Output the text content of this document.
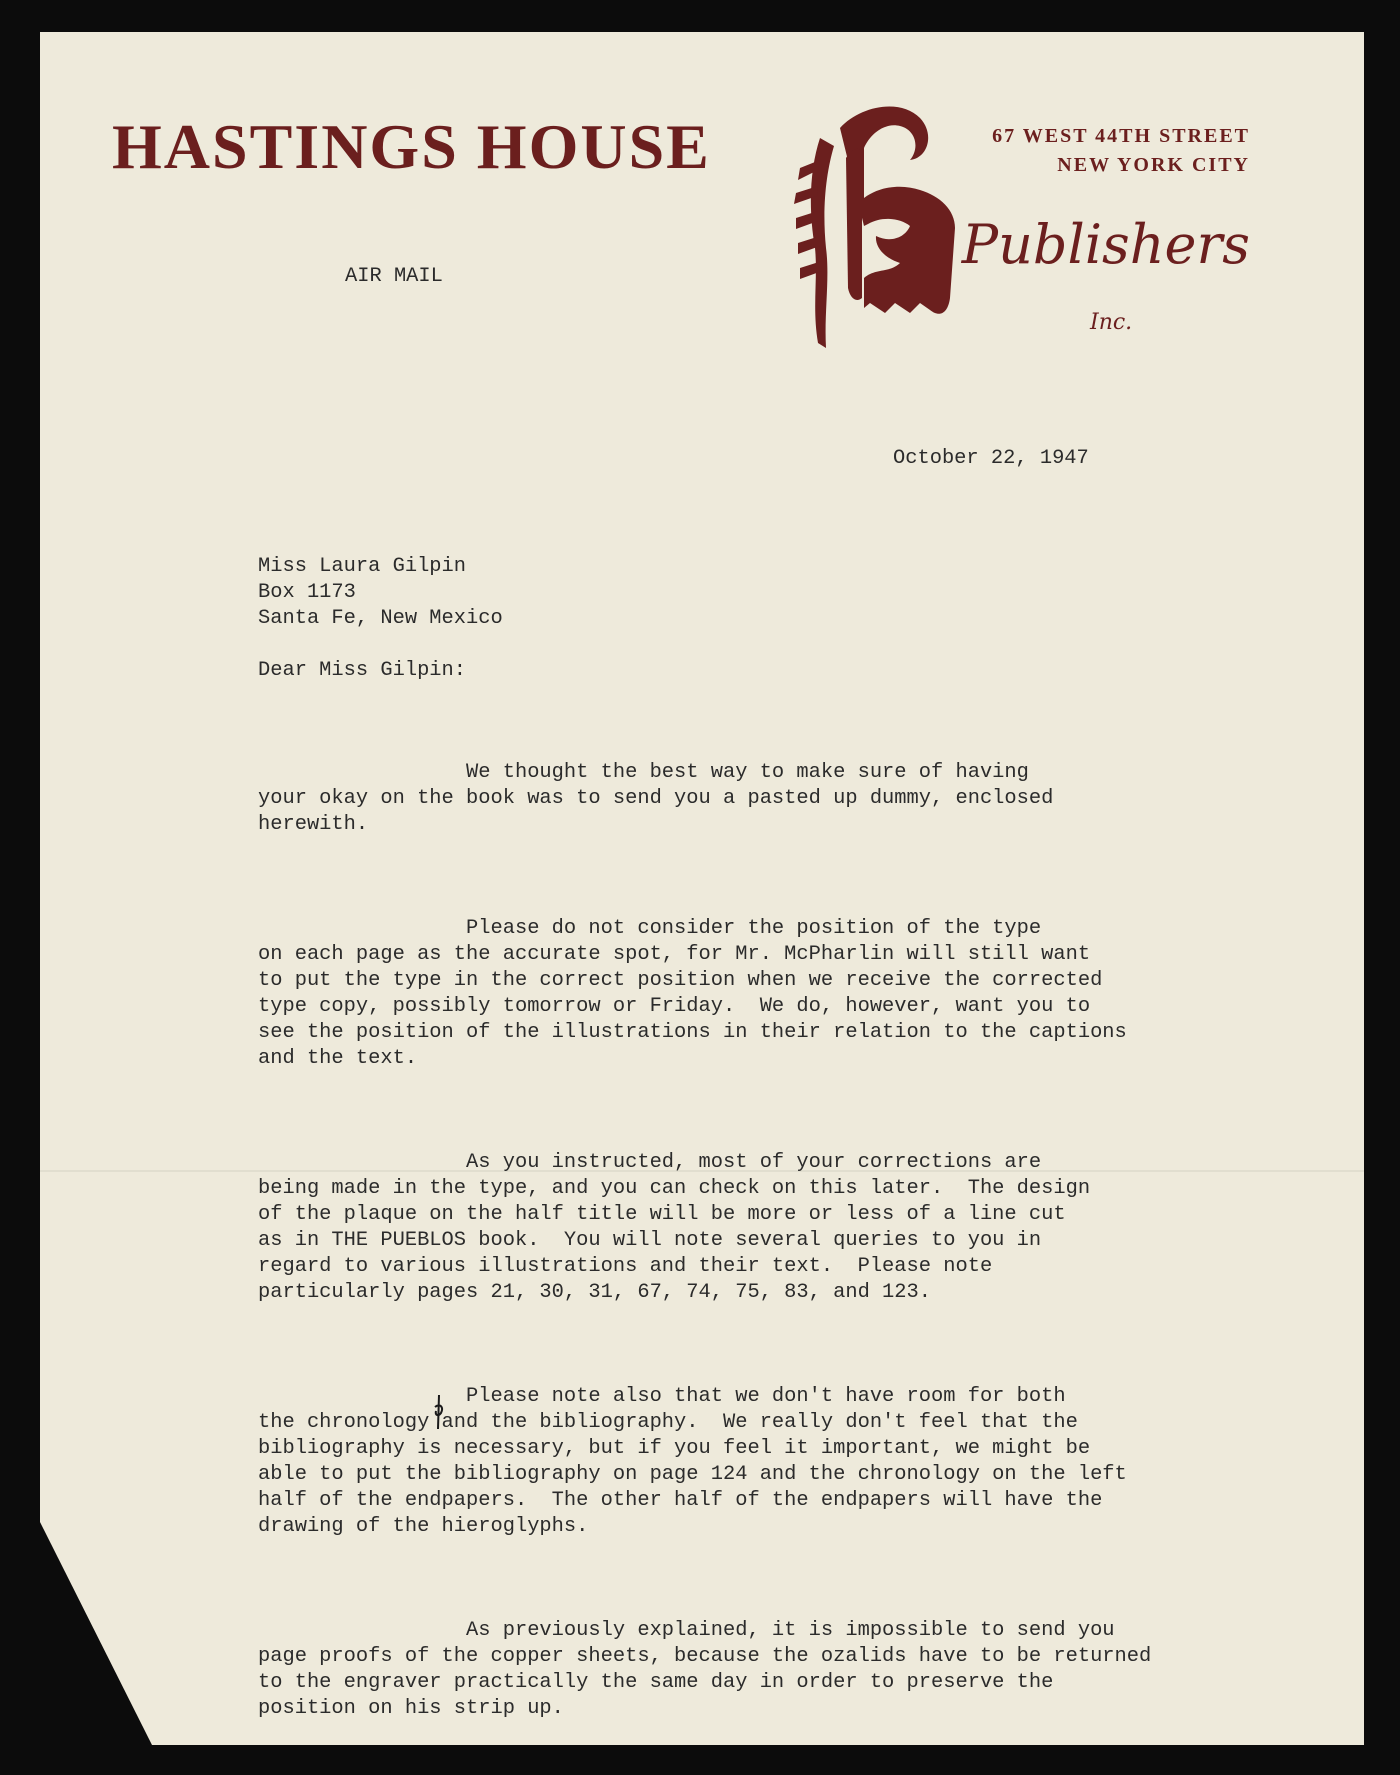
HASTINGS HOUSE	67 WEST 44TH STREET
NEW YORK CITY
Publishers
Inc.
AIR MAIL
October 22, 1947
Miss Laura Gilpin
Box 1173
Santa Fe, New Mexico
Dear Miss Gilpin:

We thought the best way to make sure of having
your okay on the book was to send you a pasted up dummy, enclosed
herewith.

Please do not consider the position of the type
on each page as the accurate spot, for Mr. McPharlin will still want
to put the type in the correct position when we receive the corrected
type copy, possibly tomorrow or Friday.  We do, however, want you to
see the position of the illustrations in their relation to the captions
and the text.

As you instructed, most of your corrections are
being made in the type, and you can check on this later.  The design
of the plaque on the half title will be more or less of a line cut
as in THE PUEBLOS book.  You will note several queries to you in
regard to various illustrations and their text.  Please note
particularly pages 21, 30, 31, 67, 74, 75, 83, and 123.

Please note also that we don't have room for both
the chronology and the bibliography.  We really don't feel that the
bibliography is necessary, but if you feel it important, we might be
able to put the bibliography on page 124 and the chronology on the left
half of the endpapers.  The other half of the endpapers will have the
drawing of the hieroglyphs.

As previously explained, it is impossible to send you
page proofs of the copper sheets, because the ozalids have to be returned
to the engraver practically the same day in order to preserve the
position on his strip up.
